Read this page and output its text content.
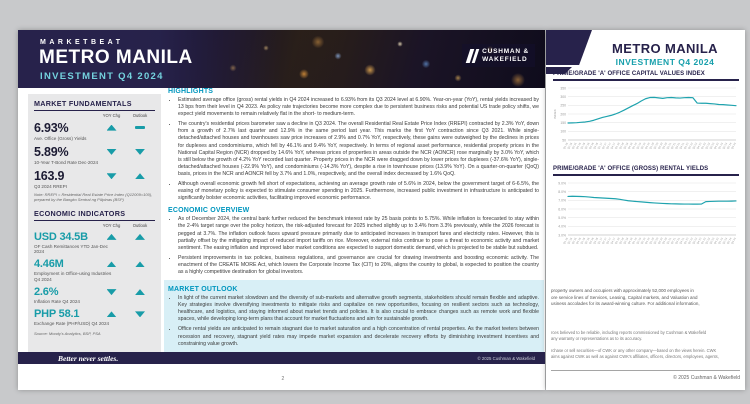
MARKETBEAT
METRO MANILA
INVESTMENT Q4 2024
CUSHMAN &
WAKEFIELD
MARKET FUNDAMENTALS
YOY Chg	Outlook
6.93%
Ave. Office (Gross) Yields
5.89%
10-Year T-Bond Rate Dec-2024
163.9
Q3 2024 RREPI
Note: RREPI = Residential Real Estate Price Index (Q12009=100), prepared by the Bangko Sentral ng Pilipinas (BSP)
ECONOMIC INDICATORS
YOY Chg	Outlook
USD 34.5B
OF Cash Remittances YTD Jan-Dec 2024
4.46M
Employment in Office-using Industries Q4 2024
2.6%
Inflation Rate Q4 2024
PHP 58.1
Exchange Rate (PHP/USD) Q4 2024
Source: Moody's Analytics, BSP, PSA
HIGHLIGHTS
• Estimated average office (gross) rental yields in Q4 2024 increased to 6.93% from its Q3 2024 level at 6.90%. Year-on-year (YoY), rental yields increased by 13 bps from their level in Q4 2023. As policy rate trajectories become more complex due to persistent business risks and potential US trade policy shifts, we expect yield movements to remain relatively flat in the short- to medium-term.
• The country's residential prices barometer saw a decline in Q3 2024. The overall Residential Real Estate Price Index (RREPI) contracted by 2.3% YoY, down from a growth of 2.7% last quarter and 12.9% in the same period last year. This marks the first YoY contraction since Q3 2021. While single-detached/attached houses and townhouses saw price increases of 2.9% and 0.7% YoY, respectively, these gains were outweighed by the declines in prices for duplexes and condominiums, which fell by 46.1% and 9.4% YoY, respectively. In terms of regional asset performance, residential property prices in the National Capital Region (NCR) dropped by 14.6% YoY, whereas prices of properties in areas outside the NCR (AONCR) rose marginally by 3.0% YoY, which is still below the growth of 4.2% YoY recorded last quarter. Property prices in the NCR were dragged down by lower prices for duplexes (-37.6% YoY), single-detached/attached houses (-22.9% YoY), and condominiums (-14.3% YoY), despite a rise in townhouse prices (13.9% YoY). On a quarter-on-quarter (QoQ) basis, prices in the NCR and AONCR fell by 3.7% and 1.0%, respectively, and the overall index decreased by 1.6% QoQ.
• Although overall economic growth fell short of expectations, achieving an average growth rate of 5.6% in 2024, below the government target of 6-6.5%, the easing of monetary policy is expected to stimulate consumer spending in 2025. Furthermore, increased public investment in infrastructure is anticipated to significantly bolster economic activities, facilitating improved economic performance.
ECONOMIC OVERVIEW
• As of December 2024, the central bank further reduced the benchmark interest rate by 25 basis points to 5.75%. While inflation is forecasted to stay within the 2-4% target range over the policy horizon, the risk-adjusted forecast for 2025 inched slightly up to 3.4% from 3.3% previously, while the 2026 forecast is pegged at 3.7%. The inflation outlook faces upward pressure primarily due to anticipated increases in transport fares and electricity rates. However, this is partially offset by the mitigating impact of reduced import tariffs on rice. Moreover, external risks continue to pose a threat to economic activity and market sentiment. The easing inflation and improved labor market conditions are expected to support domestic demand, which is projected to be stable but subdued.
• Persistent improvements in tax policies, business regulations, and governance are crucial for drawing investments and boosting economic activity. The enactment of the CREATE MORE Act, which lowers the Corporate Income Tax (CIT) to 20%, aligns the country to global, is expected to position the country as a highly competitive destination for global investors.
MARKET OUTLOOK
• In light of the current market slowdown and the diversity of sub-markets and alternative growth segments, stakeholders should remain flexible and adaptive. Key strategies involve diversifying investments to mitigate risks and capitalize on new opportunities, focusing on resilient sectors such as technology, healthcare, and logistics, and staying informed about market trends and policies. It is also crucial to embrace changes such as remote work and flexible spaces, while developing long-term plans that account for market fluctuations and aim for sustainable growth.
• Office rental yields are anticipated to remain stagnant due to market saturation and a high concentration of rental properties. As the market teeters between recession and recovery, stagnant yield rates may impede market expansion and decelerate recovery efforts by diminishing investment incentives and constraining value growth.
Better never settles.	© 2025 Cushman & Wakefield
2
METRO MANILA
INVESTMENT Q4 2024
PRIME/GRADE 'A' OFFICE CAPITAL VALUES INDEX
50
100
150
200
250
300
350
Q1 15
Q2 15
Q3 15
Q4 15
Q1 16
Q2 16
Q3 16
Q4 16
Q1 17
Q2 17
Q3 17
Q4 17
Q1 18
Q2 18
Q3 18
Q4 18
Q1 19
Q2 19
Q3 19
Q4 19
Q1 20
Q2 20
Q3 20
Q4 20
Q1 21
Q2 21
Q3 21
Q4 21
Q1 22
Q2 22
Q3 22
Q4 22
Q1 23
Q2 23
Q3 23
Q4 23
Q1 24
Q2 24
Q3 24
Q4 24
INDEX
PRIME/GRADE 'A' OFFICE (GROSS) RENTAL YIELDS
3.0%
4.0%
5.0%
6.0%
7.0%
8.0%
9.0%
Q1 15
Q2 15
Q3 15
Q4 15
Q1 16
Q2 16
Q3 16
Q4 16
Q1 17
Q2 17
Q3 17
Q4 17
Q1 18
Q2 18
Q3 18
Q4 18
Q1 19
Q2 19
Q3 19
Q4 19
Q1 20
Q2 20
Q3 20
Q4 20
Q1 21
Q2 21
Q3 21
Q4 21
Q1 22
Q2 22
Q3 22
Q4 22
Q1 23
Q2 23
Q3 23
Q4 23
Q1 24
Q2 24
Q3 24
Q4 24
property owners and occupiers with approximately 52,000 employees in
ore service lines of Services, Leasing, Capital markets, and Valuation and
usiness accolades for its award-winning culture. For additional information,
rces believed to be reliable, including reports commissioned by Cushman & Wakefield
any warranty or representations as to its accuracy.
rchase or sell securities—of CWK or any other company—based on the views herein. CWK
aims against CWK as well as against CWK's affiliates, officers, directors, employees, agents,
© 2025 Cushman & Wakefield
